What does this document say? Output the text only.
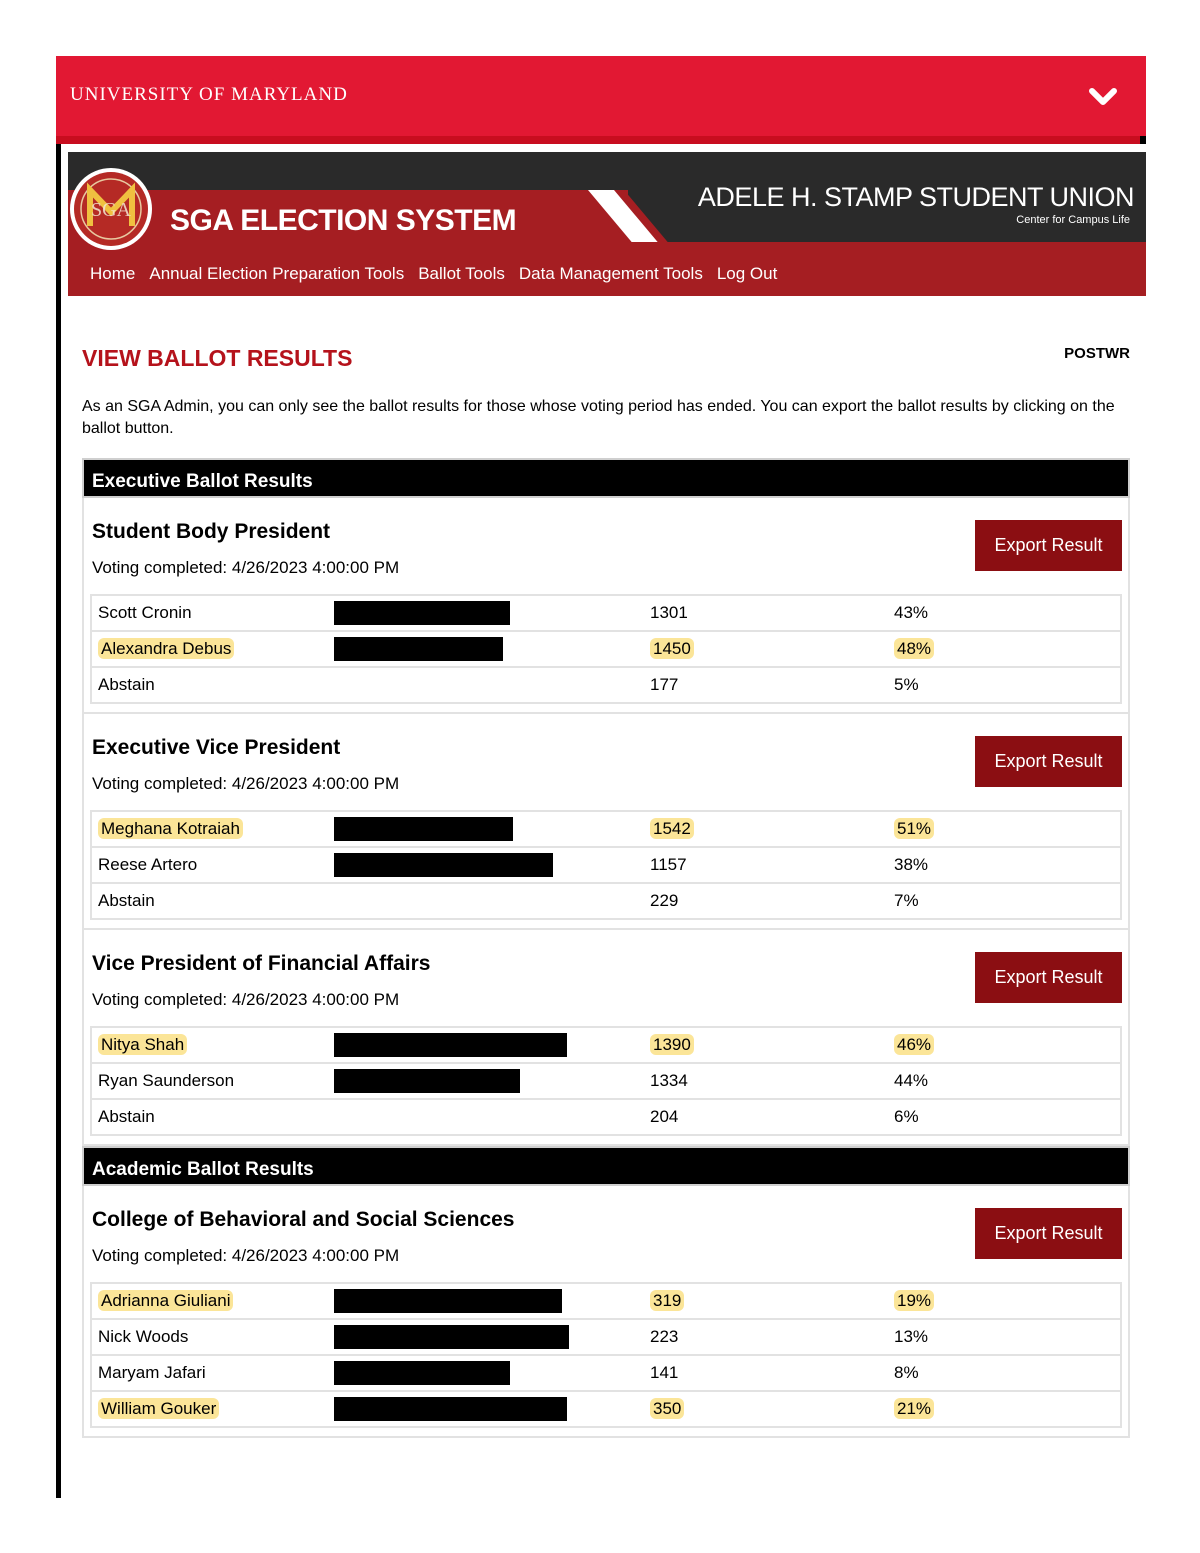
UNIVERSITY OF MARYLAND
SGA SGA ELECTION SYSTEM
ADELE H. STAMP STUDENT UNION
Center for Campus Life
Home Annual Election Preparation Tools Ballot Tools Data Management Tools Log Out
VIEW BALLOT RESULTS	POSTWR
As an SGA Admin, you can only see the ballot results for those whose voting period has ended. You can export the ballot results by clicking on the ballot button.
Executive Ballot Results
Student Body President
Voting completed: 4/26/2023 4:00:00 PM
Export Result
Scott Cronin		1301	43%
Alexandra Debus		1450	48%
Abstain		177	5%
Executive Vice President
Voting completed: 4/26/2023 4:00:00 PM
Export Result
Meghana Kotraiah		1542	51%
Reese Artero		1157	38%
Abstain		229	7%
Vice President of Financial Affairs
Voting completed: 4/26/2023 4:00:00 PM
Export Result
Nitya Shah		1390	46%
Ryan Saunderson		1334	44%
Abstain		204	6%
Academic Ballot Results
College of Behavioral and Social Sciences
Voting completed: 4/26/2023 4:00:00 PM
Export Result
Adrianna Giuliani		319	19%
Nick Woods		223	13%
Maryam Jafari		141	8%
William Gouker		350	21%
